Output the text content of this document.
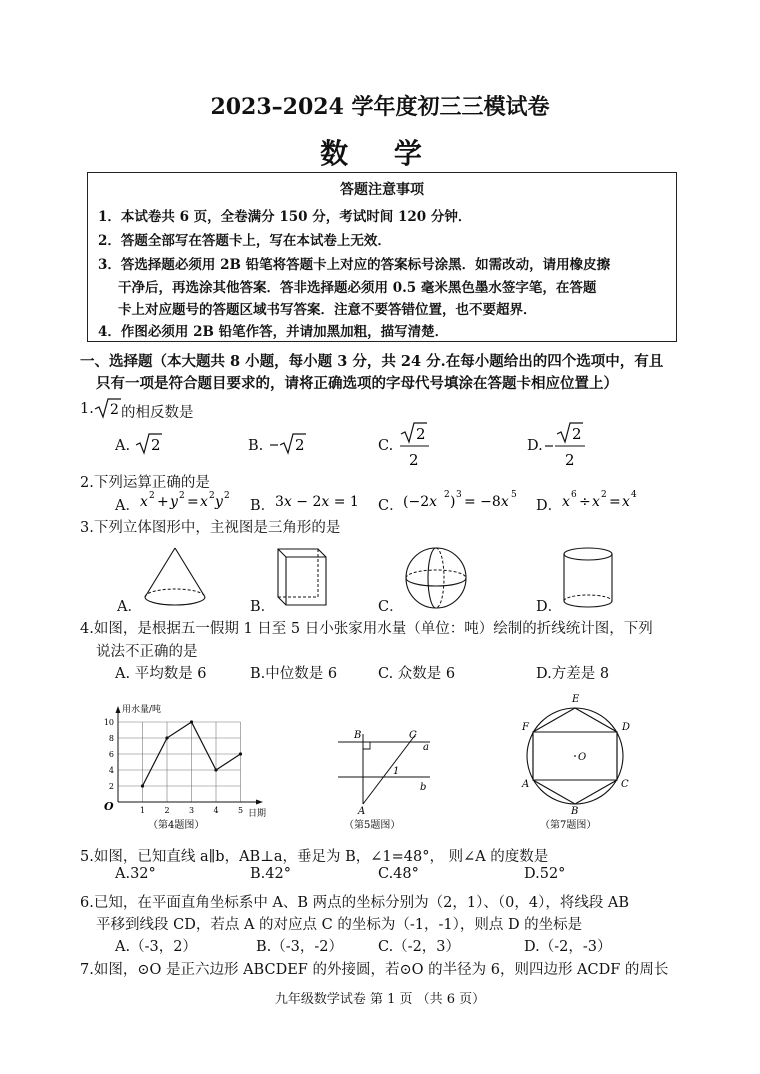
2023–2024 学年度初三三模试卷
数 学
答题注意事项
1．本试卷共 6 页，全卷满分 150 分，考试时间 120 分钟．
2．答题全部写在答题卡上，写在本试卷上无效．
3．答选择题必须用 2B 铅笔将答题卡上对应的答案标号涂黑．如需改动，请用橡皮擦
干净后，再选涂其他答案．答非选择题必须用 0.5 毫米黑色墨水签字笔，在答题
卡上对应题号的答题区域书写答案．注意不要答错位置，也不要超界．
4．作图必须用 2B 铅笔作答，并请加黑加粗，描写清楚．
一、选择题（本大题共 8 小题，每小题 3 分，共 24 分.在每小题给出的四个选项中，有且
只有一项是符合题目要求的，请将正确选项的字母代号填涂在答题卡相应位置上）
1. 2 的相反数是
A. 2	B. 2	C.
2
2
D.
2
2
2.下列运算正确的是
A． x 2 + y 2 = x 2 y 2
B． 3x − 2x = 1 C． (−2x 2 ) 3 = −8x 5
D． x 6 ÷ x 2 = x 4
3.下列立体图形中，主视图是三角形的是
A．	B．	C．	D．
4.如图，是根据五一假期 1 日至 5 日小张家用水量（单位：吨）绘制的折线统计图，下列
说法不正确的是
A. 平均数是 6	B.中位数是 6	C. 众数是 6	D.方差是 8
2
4
6
8
10
1 2 3 4 5
用水量/吨
日期
O
（第4题图）
B	C
a
b
1
A
（第5题图）
E
D
F
C
A
B
O
（第7题图）
5.如图，已知直线 a∥b，AB⊥a，垂足为 B，∠1=48°， 则∠A 的度数是
A.32°	B.42°	C.48°	D.52°
6.已知，在平面直角坐标系中 A、B 两点的坐标分别为（2，1）、（0，4），将线段 AB
平移到线段 CD，若点 A 的对应点 C 的坐标为（-1，-1），则点 D 的坐标是
A.（-3，2）	B.（-3，-2） C.（-2，3）	D.（-2，-3）
7.如图，⊙O 是正六边形 ABCDEF 的外接圆，若⊙O 的半径为 6，则四边形 ACDF 的周长
九年级数学试卷 第 1 页 （共 6 页）
